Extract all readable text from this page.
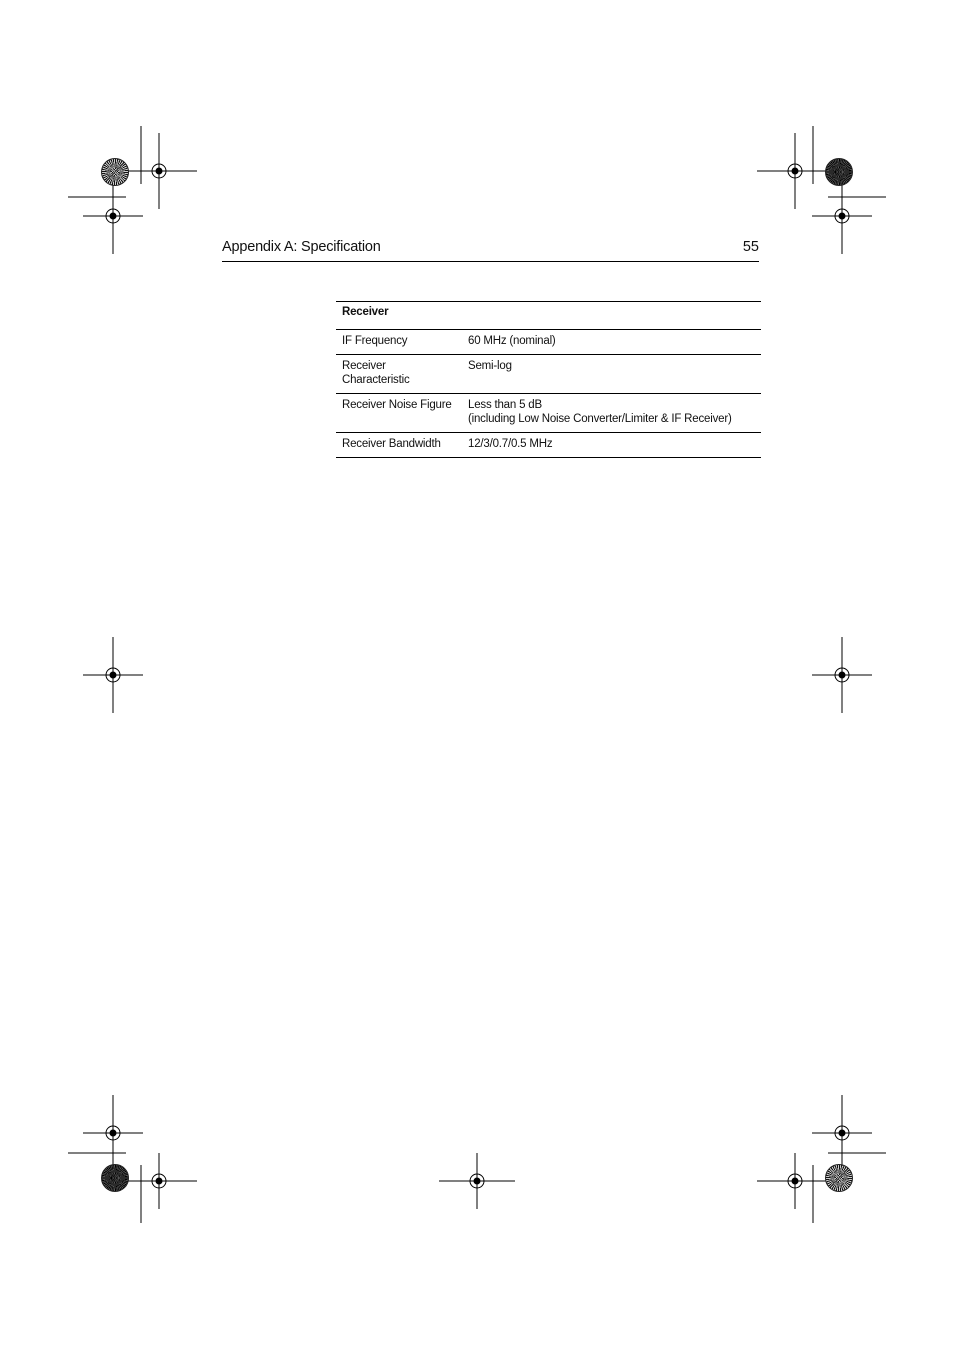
Appendix A: Specification	55
Receiver	
IF Frequency	60 MHz (nominal)

Receiver Characteristic	Semi-log

Receiver Noise Figure	Less than 5 dB
(including Low Noise Converter/Limiter & IF Receiver)

Receiver Bandwidth	12/3/0.7/0.5 MHz
